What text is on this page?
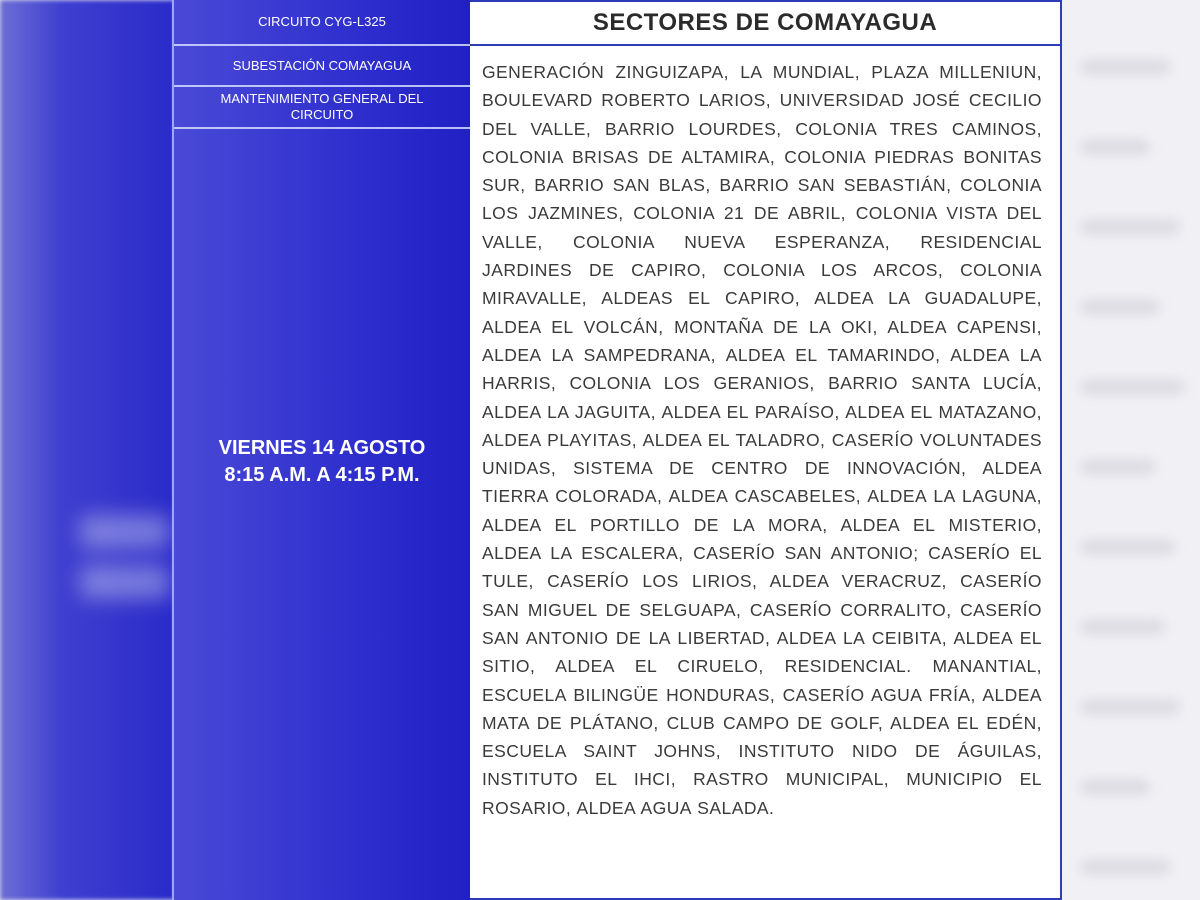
CIRCUITO CYG-L325
SUBESTACIÓN COMAYAGUA
MANTENIMIENTO GENERAL DEL CIRCUITO
VIERNES 14 AGOSTO
8:15 A.M. A 4:15 P.M.
SECTORES DE COMAYAGUA
GENERACIÓN ZINGUIZAPA, LA MUNDIAL, PLAZA MILLENIUN, BOULEVARD ROBERTO LARIOS, UNIVERSIDAD JOSÉ CECILIO DEL VALLE, BARRIO LOURDES, COLONIA TRES CAMINOS, COLONIA BRISAS DE ALTAMIRA, COLONIA PIEDRAS BONITAS SUR, BARRIO SAN BLAS, BARRIO SAN SEBASTIÁN, COLONIA LOS JAZMINES, COLONIA 21 DE ABRIL, COLONIA VISTA DEL VALLE, COLONIA NUEVA ESPERANZA, RESIDENCIAL JARDINES DE CAPIRO, COLONIA LOS ARCOS, COLONIA MIRAVALLE, ALDEAS EL CAPIRO, ALDEA LA GUADALUPE, ALDEA EL VOLCÁN, MONTAÑA DE LA OKI, ALDEA CAPENSI, ALDEA LA SAMPEDRANA, ALDEA EL TAMARINDO, ALDEA LA HARRIS, COLONIA LOS GERANIOS, BARRIO SANTA LUCÍA, ALDEA LA JAGUITA, ALDEA EL PARAÍSO, ALDEA EL MATAZANO, ALDEA PLAYITAS, ALDEA EL TALADRO, CASERÍO VOLUNTADES UNIDAS, SISTEMA DE CENTRO DE INNOVACIÓN, ALDEA TIERRA COLORADA, ALDEA CASCABELES, ALDEA LA LAGUNA, ALDEA EL PORTILLO DE LA MORA, ALDEA EL MISTERIO, ALDEA LA ESCALERA, CASERÍO SAN ANTONIO; CASERÍO EL TULE, CASERÍO LOS LIRIOS, ALDEA VERACRUZ, CASERÍO SAN MIGUEL DE SELGUAPA, CASERÍO CORRALITO, CASERÍO SAN ANTONIO DE LA LIBERTAD, ALDEA LA CEIBITA, ALDEA EL SITIO, ALDEA EL CIRUELO, RESIDENCIAL. MANANTIAL, ESCUELA BILINGÜE HONDURAS, CASERÍO AGUA FRÍA, ALDEA MATA DE PLÁTANO, CLUB CAMPO DE GOLF, ALDEA EL EDÉN, ESCUELA SAINT JOHNS, INSTITUTO NIDO DE ÁGUILAS, INSTITUTO EL IHCI, RASTRO MUNICIPAL, MUNICIPIO EL ROSARIO, ALDEA AGUA SALADA.
